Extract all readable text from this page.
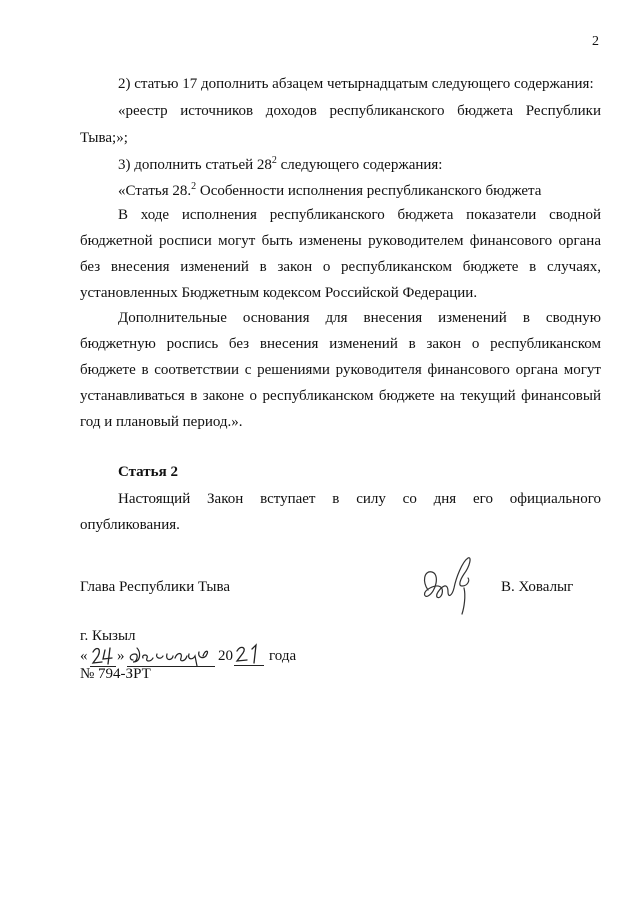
2
2) статью 17 дополнить абзацем четырнадцатым следующего содержания:
«реестр источников доходов республиканского бюджета Республики
Тыва;»;
3) дополнить статьей $28^2$ следующего содержания:
«Статья 28.$^2$ Особенности исполнения республиканского бюджета
В ходе исполнения республиканского бюджета показатели сводной
бюджетной росписи могут быть изменены руководителем финансового органа
без внесения изменений в закон о республиканском бюджете в случаях,
установленных Бюджетным кодексом Российской Федерации.
Дополнительные основания для внесения изменений в сводную
бюджетную роспись без внесения изменений в закон о республиканском
бюджете в соответствии с решениями руководителя финансового органа могут
устанавливаться в законе о республиканском бюджете на текущий финансовый
год и плановый период.».
Статья 2
Настоящий Закон вступает в силу со дня его официального
опубликования.
Глава Республики Тыва	В. Ховалыг
г. Кызыл
« »	20 года
№ 794-ЗРТ
